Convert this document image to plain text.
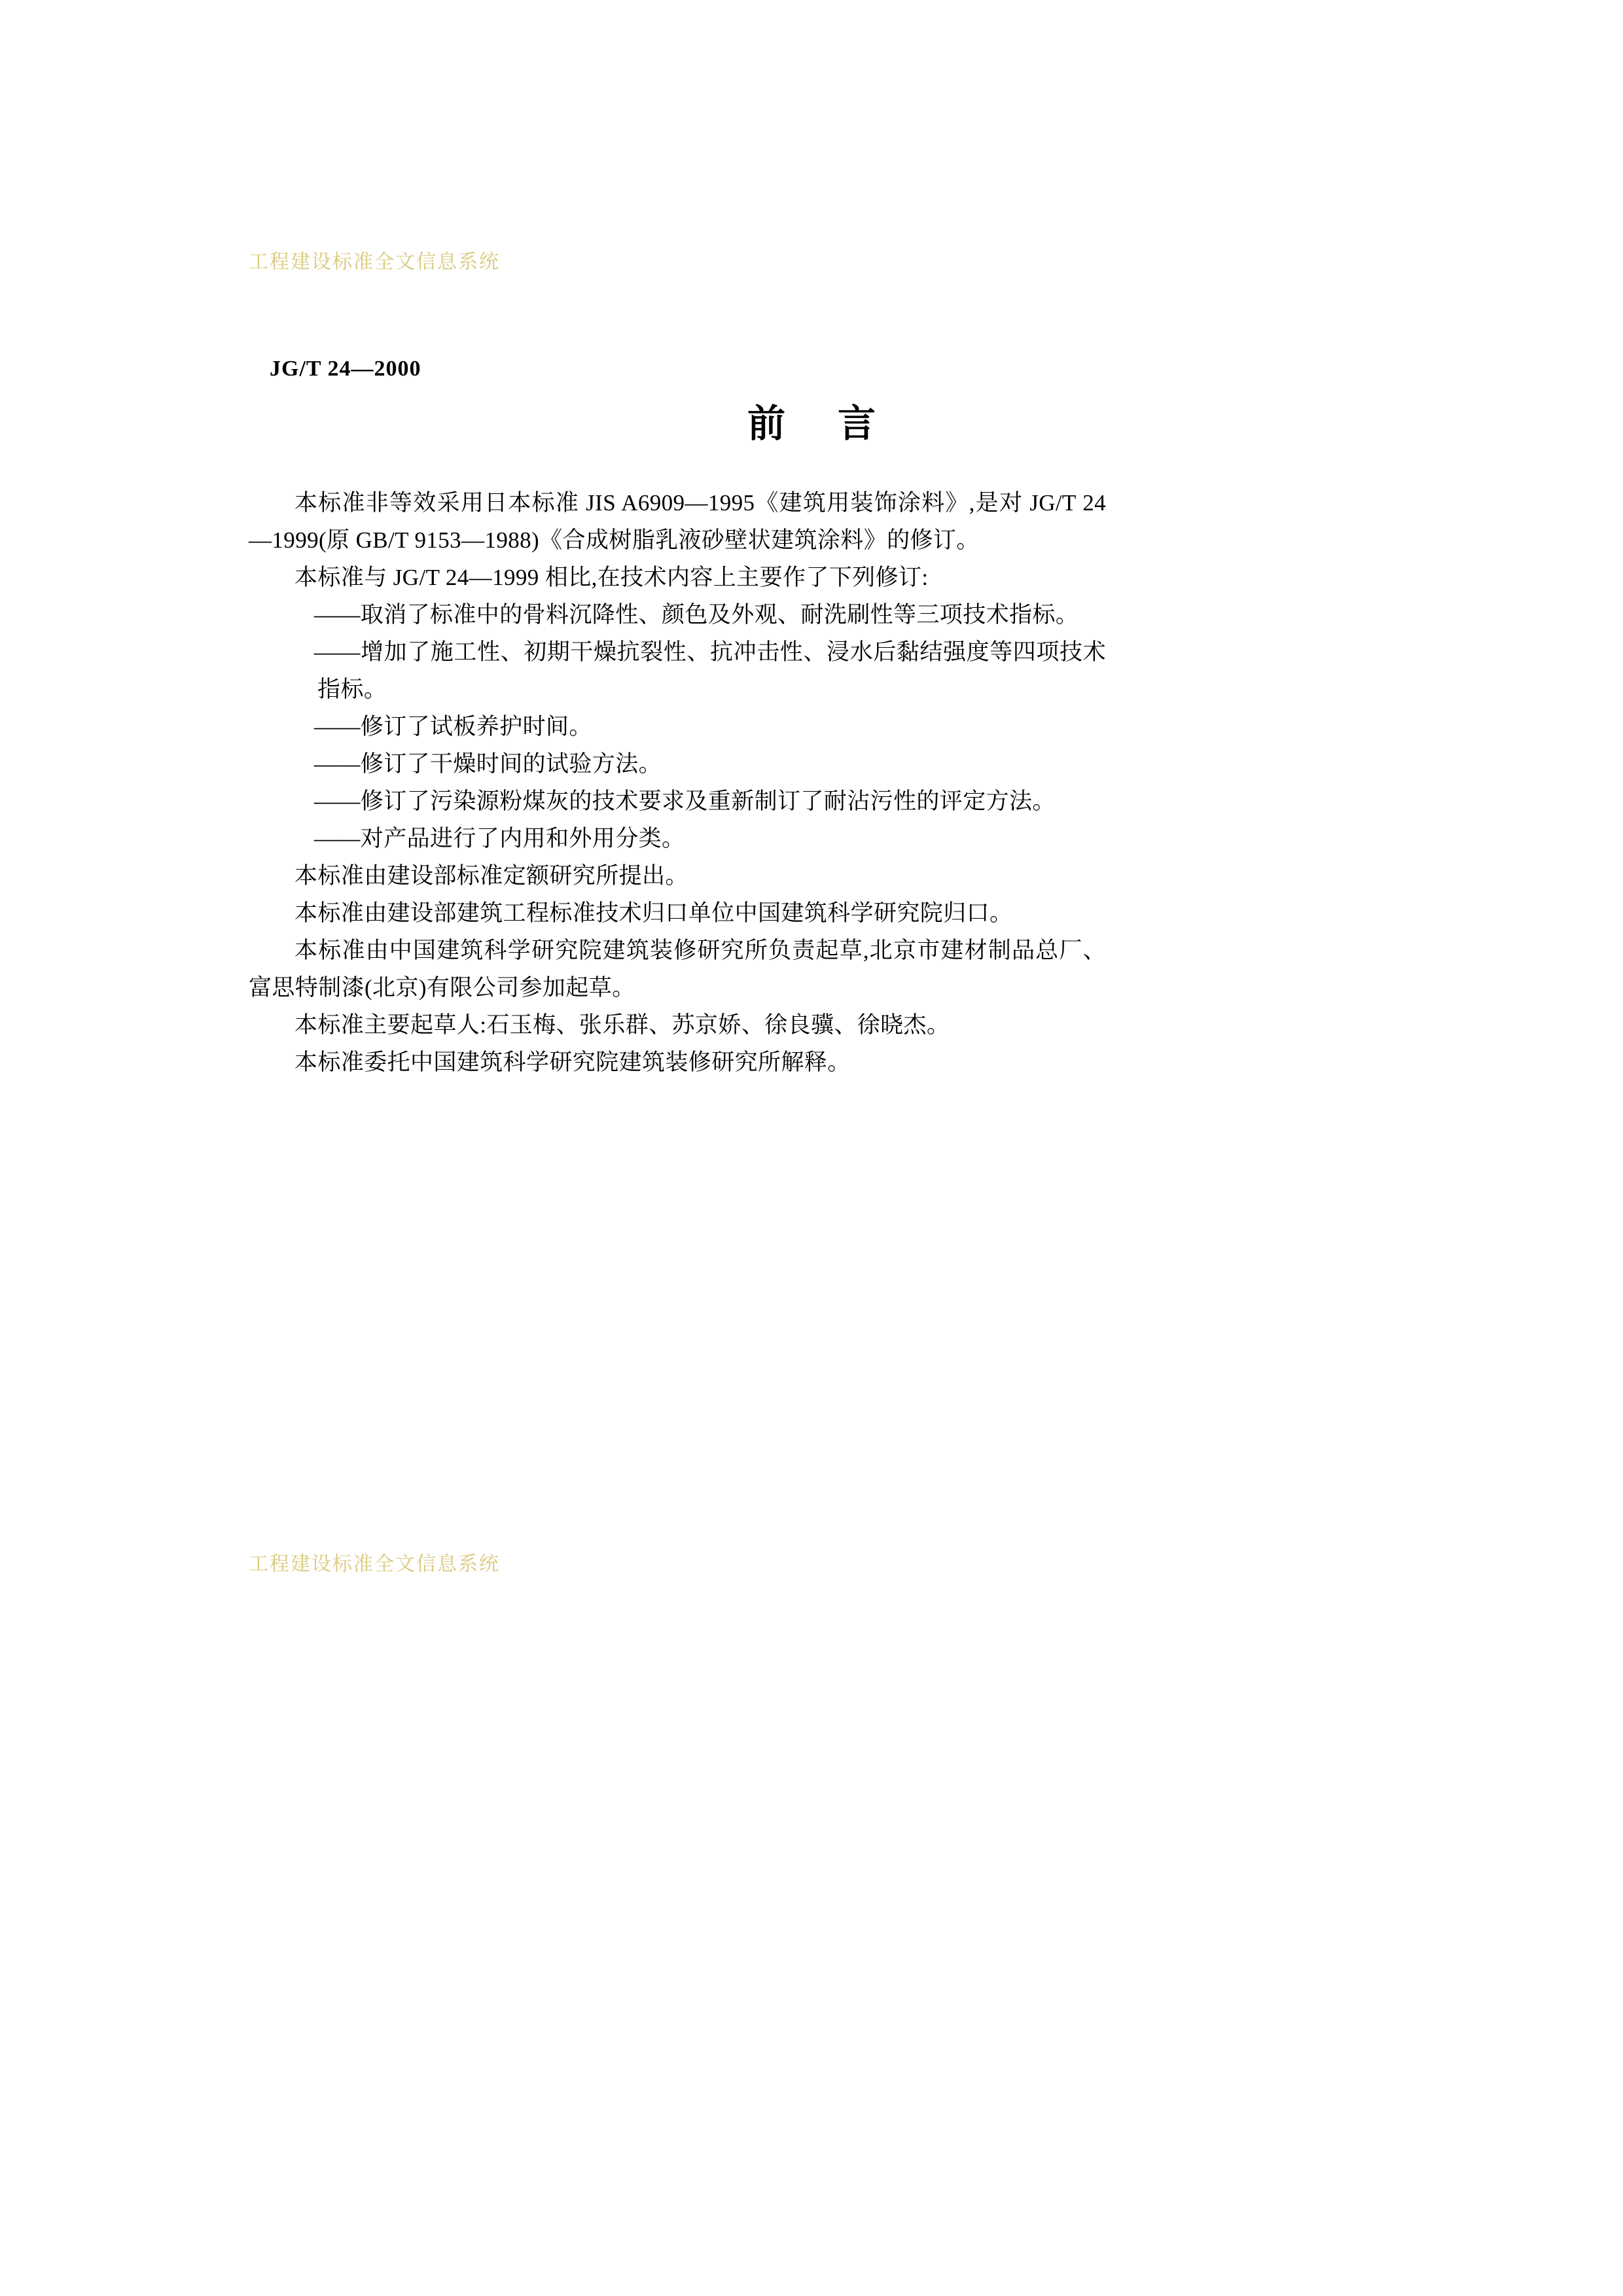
工程建设标准全文信息系统
JG/T 24—2000
前 言

本标准非等效采用日本标准 JIS A6909—1995《建筑用装饰涂料》,是对 JG/T 24—1999(原 GB/T 9153—1988)《合成树脂乳液砂壁状建筑涂料》的修订。

本标准与 JG/T 24—1999 相比,在技术内容上主要作了下列修订:

——取消了标准中的骨料沉降性、颜色及外观、耐洗刷性等三项技术指标。

——增加了施工性、初期干燥抗裂性、抗冲击性、浸水后黏结强度等四项技术指标。

——修订了试板养护时间。

——修订了干燥时间的试验方法。

——修订了污染源粉煤灰的技术要求及重新制订了耐沾污性的评定方法。

——对产品进行了内用和外用分类。

本标准由建设部标准定额研究所提出。

本标准由建设部建筑工程标准技术归口单位中国建筑科学研究院归口。

本标准由中国建筑科学研究院建筑装修研究所负责起草,北京市建材制品总厂、富思特制漆(北京)有限公司参加起草。

本标准主要起草人:石玉梅、张乐群、苏京娇、徐良骥、徐晓杰。

本标准委托中国建筑科学研究院建筑装修研究所解释。

工程建设标准全文信息系统
